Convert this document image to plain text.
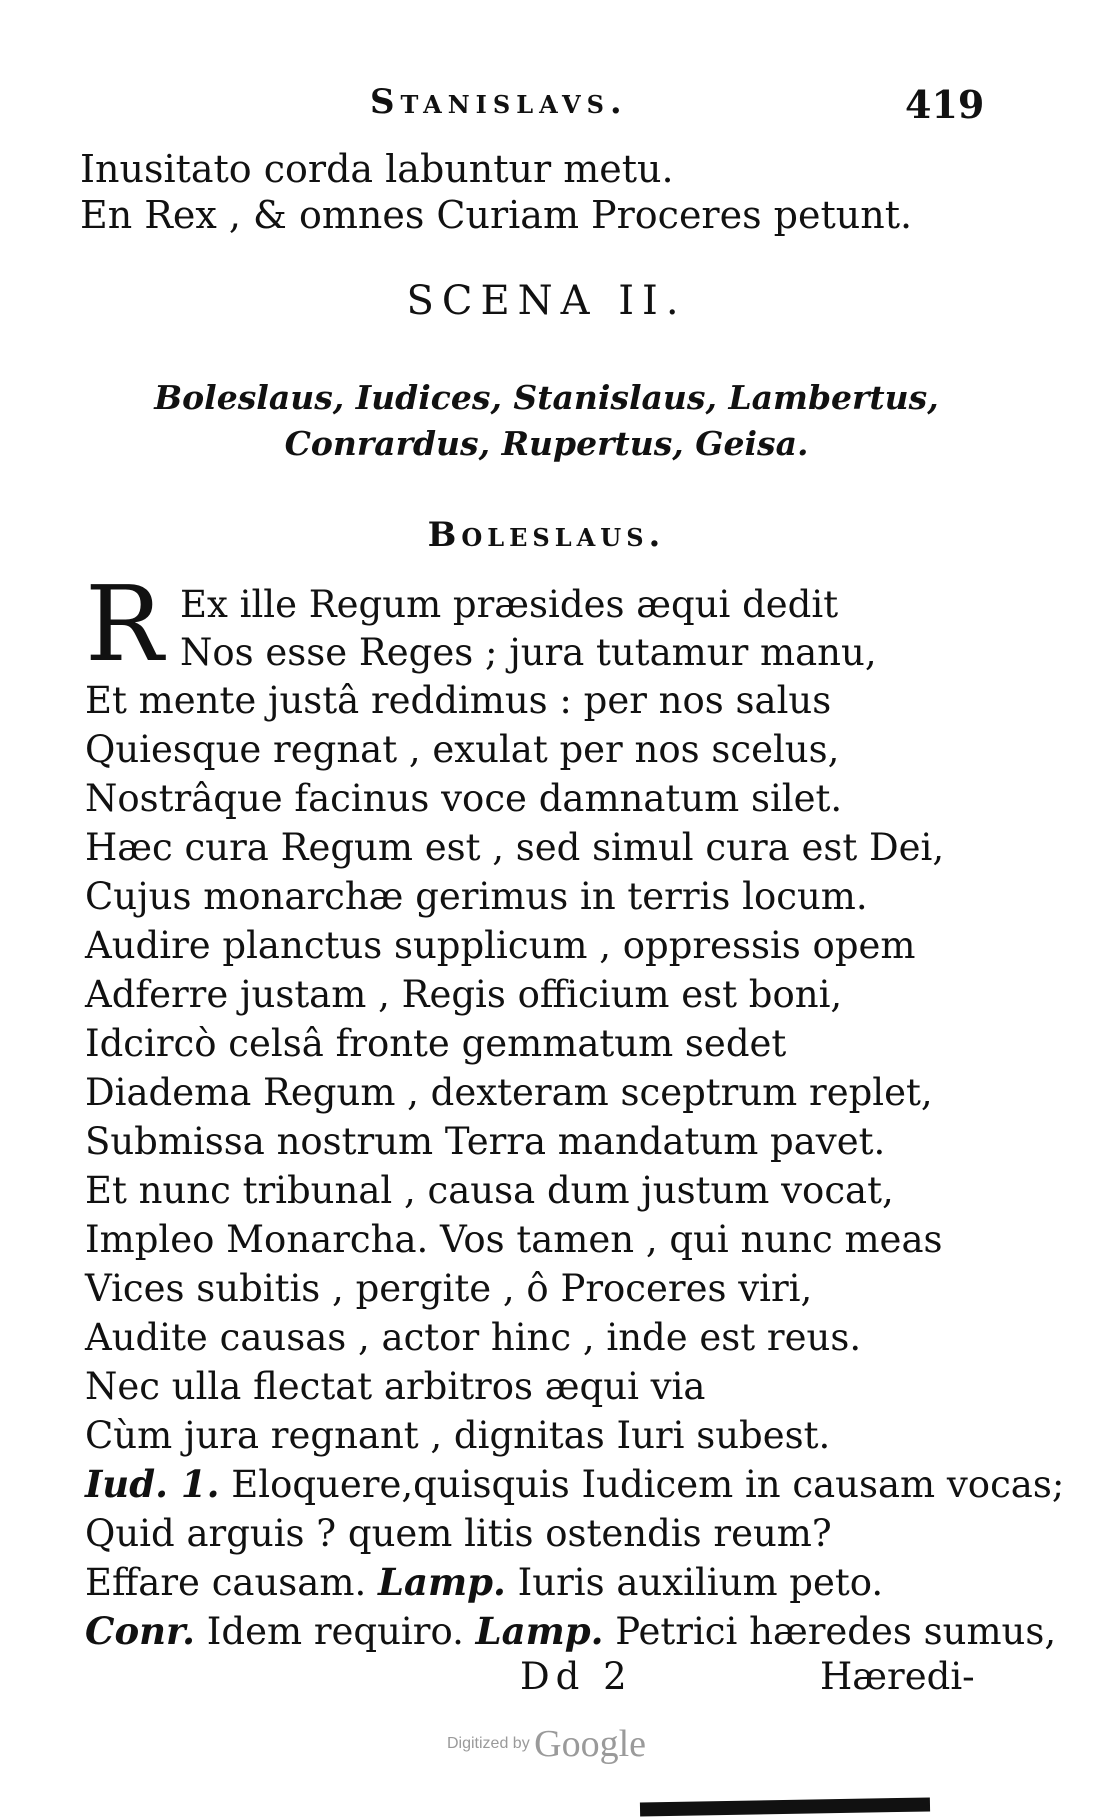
Stanislavs.	419
Inusitato corda labuntur metu.
En Rex , & omnes Curiam Proceres petunt.
SCENA II.
Boleslaus, Iudices, Stanislaus, Lambertus,
Conrardus, Rupertus, Geisa.
Boleslaus.
R Ex ille Regum præsides æqui dedit
Nos esse Reges ; jura tutamur manu,
Et mente justâ reddimus : per nos salus
Quiesque regnat , exulat per nos scelus,
Nostrâque facinus voce damnatum silet.
Hæc cura Regum est , sed simul cura est Dei,
Cujus monarchæ gerimus in terris locum.
Audire planctus supplicum , oppressis opem
Adferre justam , Regis officium est boni,
Idcircò celsâ fronte gemmatum sedet
Diadema Regum , dexteram sceptrum replet,
Submissa nostrum Terra mandatum pavet.
Et nunc tribunal , causa dum justum vocat,
Impleo Monarcha. Vos tamen , qui nunc meas
Vices subitis , pergite , ô Proceres viri,
Audite causas , actor hinc , inde est reus.
Nec ulla flectat arbitros æqui via
Cùm jura regnant , dignitas Iuri subest.
Iud. 1. Eloquere,quisquis Iudicem in causam vocas;
Quid arguis ? quem litis ostendis reum?
Effare causam. Lamp. Iuris auxilium peto.
Conr. Idem requiro. Lamp. Petrici hæredes sumus,
Dd 2	Hæredi-
Digitized by Google
